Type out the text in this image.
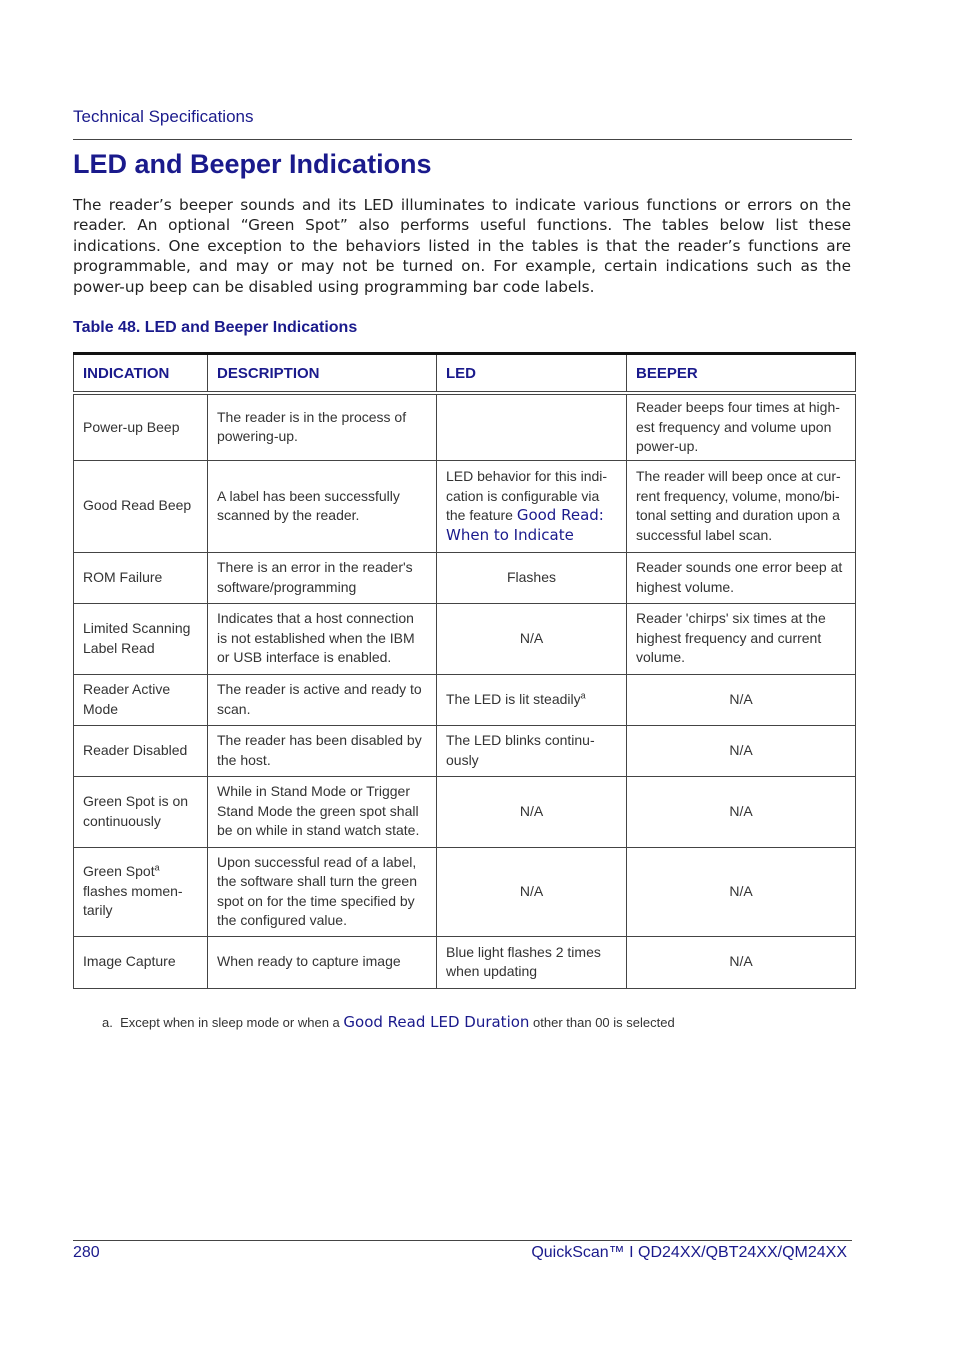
Technical Specifications
LED and Beeper Indications

The reader’s beeper sounds and its LED illuminates to indicate various functions or errors on the reader. An optional “Green Spot” also performs useful functions. The tables below list these indications. One exception to the behaviors listed in the tables is that the reader’s functions are programmable, and may or may not be turned on. For example, certain indications such as the power-up beep can be disabled using programming bar code labels.

Table 48. LED and Beeper Indications
INDICATION	DESCRIPTION	LED	BEEPER
Power-up Beep	The reader is in the process of powering-up.		Reader beeps four times at high-est frequency and volume upon power-up.
Good Read Beep	A label has been successfully scanned by the reader.	LED behavior for this indi-cation is configurable via the feature Good Read: When to Indicate	The reader will beep once at cur-rent frequency, volume, mono/bi-tonal setting and duration upon a successful label scan.
ROM Failure	There is an error in the reader's software/programming	Flashes	Reader sounds one error beep at highest volume.
Limited Scanning Label Read	Indicates that a host connection is not established when the IBM or USB interface is enabled.	N/A	Reader 'chirps' six times at the highest frequency and current volume.
Reader Active Mode	The reader is active and ready to scan.	The LED is lit steadily$^a$	N/A
Reader Disabled	The reader has been disabled by the host.	The LED blinks continu-ously	N/A
Green Spot is on continuously	While in Stand Mode or Trigger Stand Mode the green spot shall be on while in stand watch state.	N/A	N/A
Green Spot$^a$ flashes momen-tarily	Upon successful read of a label, the software shall turn the green spot on for the time specified by the configured value.	N/A	N/A
Image Capture	When ready to capture image	Blue light flashes 2 times when updating	N/A

a. Except when in sleep mode or when a Good Read LED Duration other than 00 is selected

280	QuickScan™ I QD24XX/QBT24XX/QM24XX
